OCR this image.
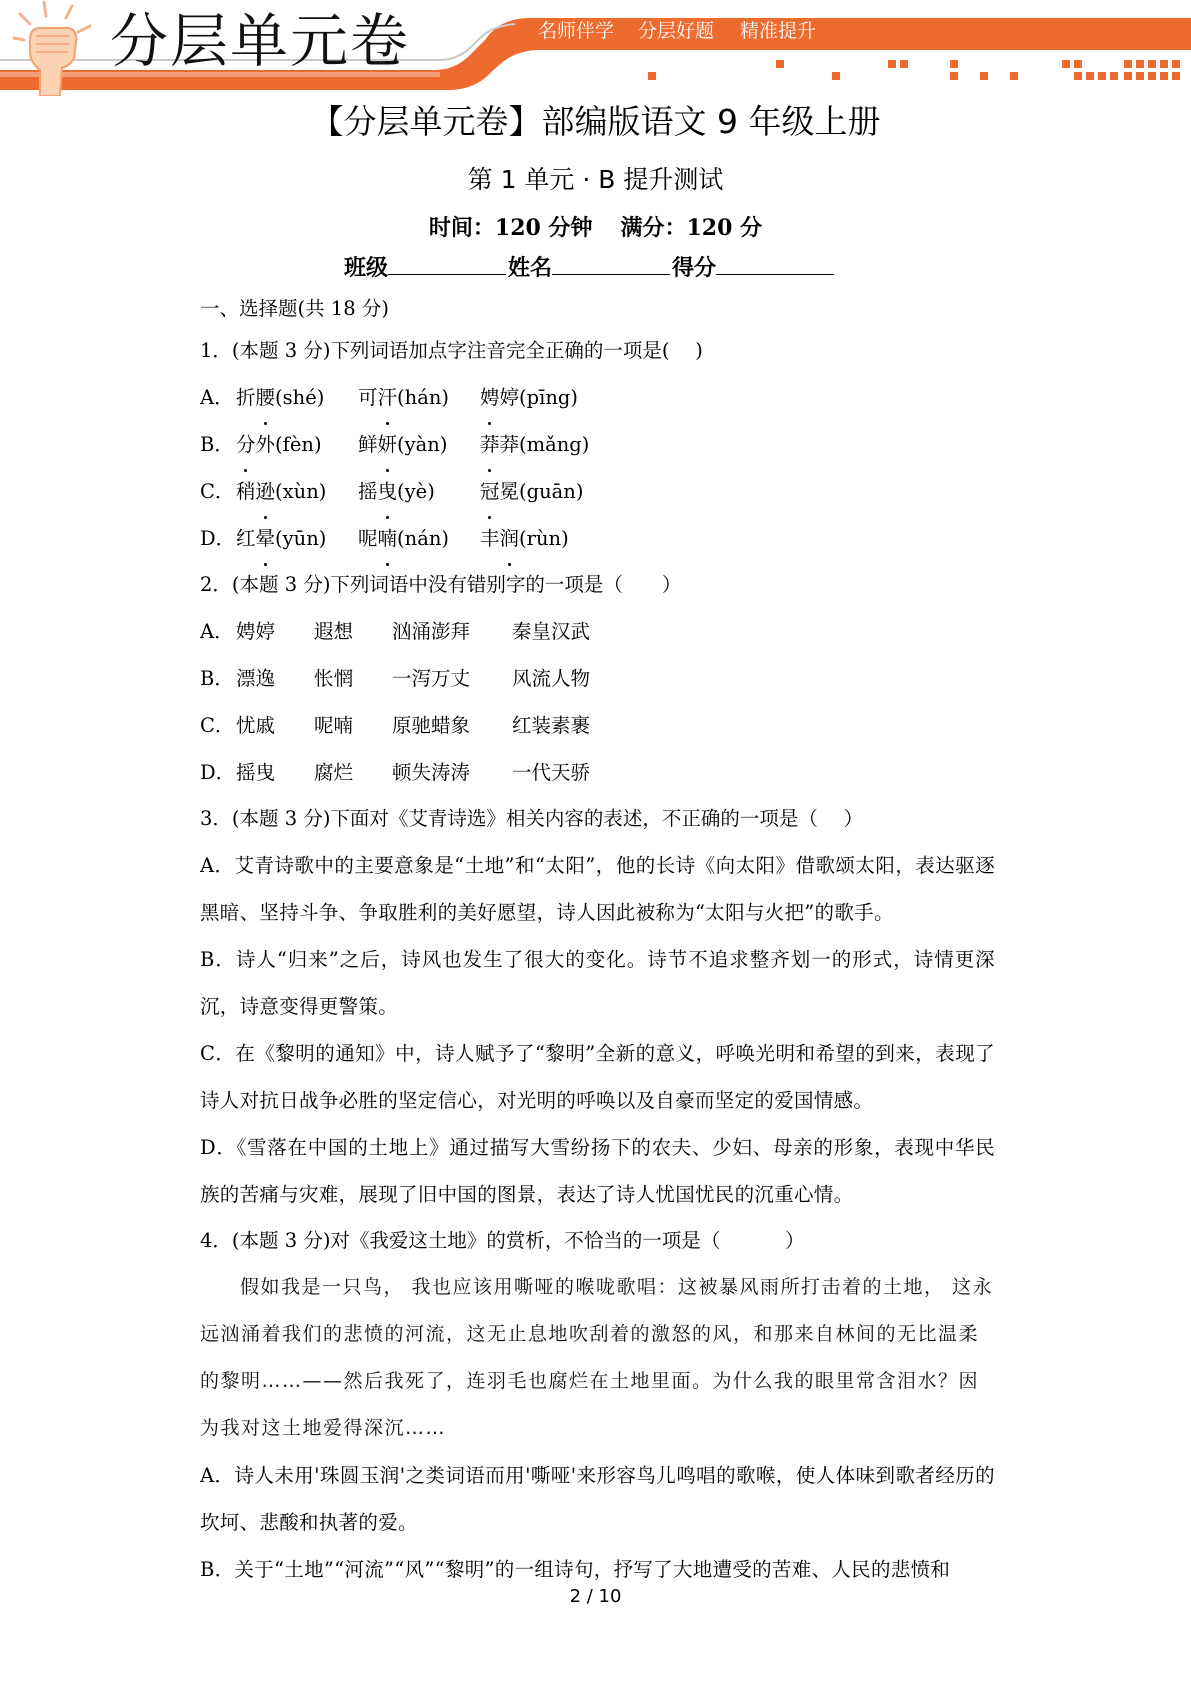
分层单元卷	名师伴学 分层好题 精准提升
【分层单元卷】部编版语文 9 年级上册
第 1 单元 · B 提升测试
时间：120 分钟 满分：120 分
班级	姓名	得分

一、选择题(共 18 分)

1．(本题 3 分)下列词语加点字注音完全正确的一项是(　 )

A． 折腰(shé) 可汗(hán) 娉婷(pīng)

B． 分外(fèn) 鲜妍(yàn) 莽莽(mǎng)

C．稍逊(xùn) 摇曳(yè) 冠冕(guān)

D．红晕(yūn) 呢喃(nán) 丰润(rùn)

2．(本题 3 分)下列词语中没有错别字的一项是（　　）

A． 娉婷 遐想 汹涌澎拜 秦皇汉武

B． 漂逸 怅惘 一泻万丈 风流人物

C．忧戚 呢喃 原驰蜡象 红装素裹

D．摇曳 腐烂 顿失涛涛 一代天骄

3．(本题 3 分)下面对《艾青诗选》相关内容的表述，不正确的一项是（　 ）

A．艾青诗歌中的主要意象是“土地”和“太阳”，他的长诗《向太阳》借歌颂太阳，表达驱逐黑暗、坚持斗争、争取胜利的美好愿望，诗人因此被称为“太阳与火把”的歌手。

B．诗人“归来”之后，诗风也发生了很大的变化。诗节不追求整齐划一的形式，诗情更深沉，诗意变得更警策。

C．在《黎明的通知》中，诗人赋予了“黎明”全新的意义，呼唤光明和希望的到来，表现了诗人对抗日战争必胜的坚定信心，对光明的呼唤以及自豪而坚定的爱国情感。

D．《雪落在中国的土地上》通过描写大雪纷扬下的农夫、少妇、母亲的形象，表现中华民族的苦痛与灾难，展现了旧中国的图景，表达了诗人忧国忧民的沉重心情。

4．(本题 3 分)对《我爱这土地》的赏析，不恰当的一项是（　　　 ）

假如我是一只鸟， 我也应该用嘶哑的喉咙歌唱：这被暴风雨所打击着的土地， 这永远汹涌着我们的悲愤的河流，这无止息地吹刮着的激怒的风，和那来自林间的无比温柔的黎明……——然后我死了，连羽毛也腐烂在土地里面。为什么我的眼里常含泪水？因为我对这土地爱得深沉……

A．诗人未用'珠圆玉润'之类词语而用'嘶哑'来形容鸟儿鸣唱的歌喉，使人体味到歌者经历的坎坷、悲酸和执著的爱。

B．关于“土地”“河流”“风”“黎明”的一组诗句，抒写了大地遭受的苦难、人民的悲愤和

2 / 10
